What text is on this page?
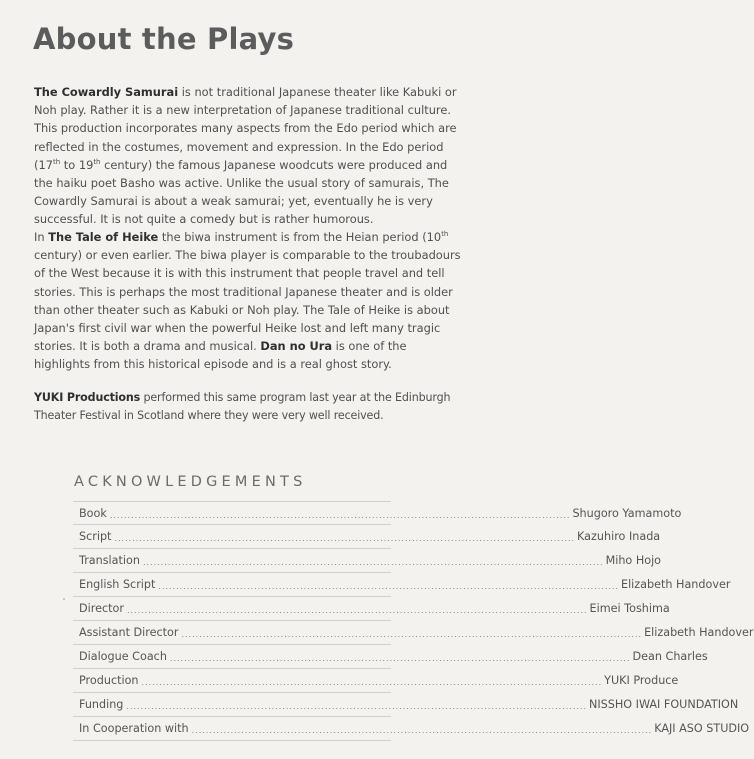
About the Plays
The Cowardly Samurai is not traditional Japanese theater like Kabuki or Noh play. Rather it is a new interpretation of Japanese traditional culture. This production incorporates many aspects from the Edo period which are reflected in the costumes, movement and expression. In the Edo period (17th to 19th century) the famous Japanese woodcuts were produced and the haiku poet Basho was active. Unlike the usual story of samurais, The Cowardly Samurai is about a weak samurai; yet, eventually he is very successful. It is not quite a comedy but is rather humorous.
In The Tale of Heike the biwa instrument is from the Heian period (10th century) or even earlier. The biwa player is comparable to the troubadours of the West because it is with this instrument that people travel and tell stories. This is perhaps the most traditional Japanese theater and is older than other theater such as Kabuki or Noh play. The Tale of Heike is about Japan's first civil war when the powerful Heike lost and left many tragic stories. It is both a drama and musical. Dan no Ura is one of the highlights from this historical episode and is a real ghost story.
YUKI Productions performed this same program last year at the Edinburgh Theater Festival in Scotland where they were very well received.
ACKNOWLEDGEMENTS
Book .................................................................................................................................. Shugoro Yamamoto
Script .................................................................................................................................. Kazuhiro Inada
Translation .................................................................................................................................. Miho Hojo
English Script .................................................................................................................................. Elizabeth Handover
Director .................................................................................................................................. Eimei Toshima
Assistant Director .................................................................................................................................. Elizabeth Handover
Dialogue Coach .................................................................................................................................. Dean Charles
Production .................................................................................................................................. YUKI Produce
Funding .................................................................................................................................. NISSHO IWAI FOUNDATION
In Cooperation with .................................................................................................................................. KAJI ASO STUDIO
